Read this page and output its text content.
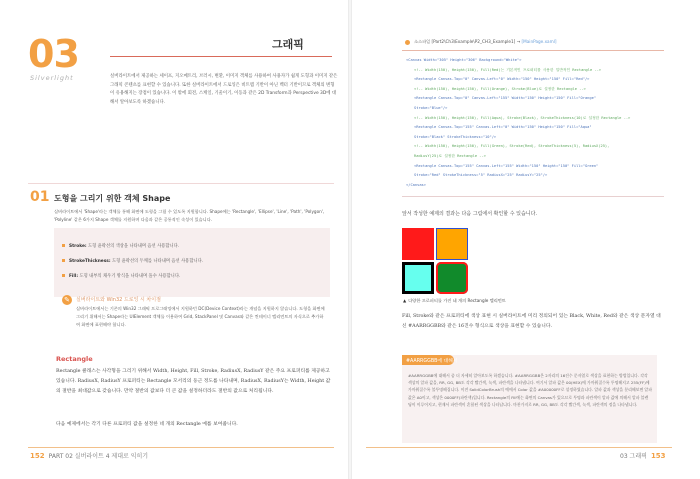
03
Silverlight
그래픽
실버라이트에서 제공하는 셰이프, 지오메트리, 브러시, 변환, 이미지 객체를 사용하여 사용자가 쉽게 도형과 이미지 같은 그래픽 콘텐츠를 표현할 수 있습니다. 또한 실버라이트에서 드로잉은 비트맵 기반이 아닌 벡터 기반이므로 객체의 변형이 유용해지는 장점이 있습니다. 이 밖에 회전, 스케일, 기울이기, 이동과 같은 2D Transform과 Perspective 3D에 대해서 알아보도록 하겠습니다.
01 도형을 그리기 위한 객체 Shape
실버라이트에서 'Shape'라는 객체를 통해 화면에 도형을 그릴 수 있도록 지원합니다. Shape에는 'Rectangle', 'Ellipse', 'Line', 'Path', 'Polygon', 'Polyline' 같은 6가지 Shape 객체를 지원하며 다음과 같은 공통적인 속성이 있습니다.
Stroke: 도형 윤곽선의 색상을 나타내며 음선 사용합니다.
StrokeThickness: 도형 윤곽선의 두께를 나타내며 음선 사용합니다.
Fill: 도형 내부의 채우기 방식을 나타내며 돌수 사용합니다.
✎	실버라이트와 Win32 드로잉 시 차이점
실버라이트에서는 기존의 Win32 그래픽 프로그래밍에서 지원하던 DC(Device Context)라는 개념을 지원하지 않습니다. 도형을 화면에 그리기 위해서는 Shape라는 UIElement 객체를 이용하여 Grid, StackPanel 및 Canvas와 같은 컨테이너 엘리먼트의 자식으로 추가하여 화면에 표현해야 합니다.
Rectangle
Rectangle 클래스는 사각형을 그리기 위해서 Width, Height, Fill, Stroke, RadiusX, RadiusY 같은 주요 프로퍼티를 제공하고 있습니다. RadiusX, RadiusY 프로퍼티는 Rectangle 모서리의 둥근 정도를 나타내며, RadiusX, RadiusY는 Width, Height 값의 절반을 최대값으로 갖습니다. 만약 절반의 값보다 더 큰 값을 설정하더라도 절반의 값으로 처리됩니다.
다음 예제에서는 각기 다른 프로퍼티 값을 설정한 네 개의 Rectangle 예를 보여줍니다.
152 PART 02 실버라이트 4 제대로 익히기
소스파일 [Part2\Ch3\Example\P2_CH3_Example1] → [MainPage.xaml]
<Canvas Width="305" Height="306" Background="White">
<!-- Width(150), Height(150), Fill(Red)는 기본적인 프로퍼티를 사용한 일반적인 Rectangle -->
<Rectangle Canvas.Top="0" Canvas.Left="0" Width="150" Height="150" Fill="Red"/>
<!-- Width(150), Height(150), Fill(Orange), Stroke(Blue)로 설정한 Rectangle -->
<Rectangle Canvas.Top="0" Canvas.Left="155" Width="150" Height="150" Fill="Orange"
Stroke="Blue"/>
<!-- Width(150), Height(150), Fill(Aqua), Stroke(Black), StrokeThickness(10)로 설정한 Rectangle -->
<Rectangle Canvas.Top="155" Canvas.Left="0" Width="150" Height="150" Fill="Aqua"
Stroke="Black" StrokeThickness="10"/>
<!-- Width(150), Height(150), Fill(Green), Stroke(Red), StrokeThickness(5), RadiusX(25),
RadiusY(25)로 설정한 Rectangle -->
<Rectangle Canvas.Top="155" Canvas.Left="155" Width="150" Height="150" Fill="Green"
Stroke="Red" StrokeThickness="5" RadiusX="25" RadiusY="25"/>
</Canvas>
앞서 작성한 예제의 결과는 다음 그림에서 확인할 수 있습니다.
▲ 다양한 프로퍼티를 가진 네 개의 Rectangle 엘리먼트
Fill, Stroke와 같은 프로퍼티에 색상 표현 시 실버라이트에 미리 정의되어 있는 Black, White, Red와 같은 색상 문자열 대신 #AARRGGBB와 같은 16진수 형식으로 색상을 표현할 수 있습니다.
#AARRGGBB에 대해서
#AARRGGBB에 대해서 좀 더 자세히 알아보도록 하겠습니다. #AARRGGBB은 2자리의 16진수 문자열로 색상을 표현하는 방법입니다. 각각 색상의 알파 값을, RR, GG, BB도 각각 빨간색, 녹색, 파란색을 나타냅니다. 여기서 알파 값은 00(HEX)에 가까워질수록 투명해지고 255(FF)에 가까워질수록 불투명해집니다. 이전 SolidColorBrush의 예에서 Color 값을 #A00000FF로 설정하였습니다. 알파 값과 색상을 분리해보면 알파 값은 A0이고, 색상은 0000FF(파란색)입니다. Rectangle의 Fill에는 화면의 Canvas가 있으므로 투명과 파란색이 알파 값에 의해서 알파 블렌딩이 이루어지고, 현재서 파란색이 혼합된 색상을 나타납니다. 마찬가지로 RR, GG, BB도 각각 빨간색, 녹색, 파란색의 정을 나타냅니다.
03 그래픽 153
